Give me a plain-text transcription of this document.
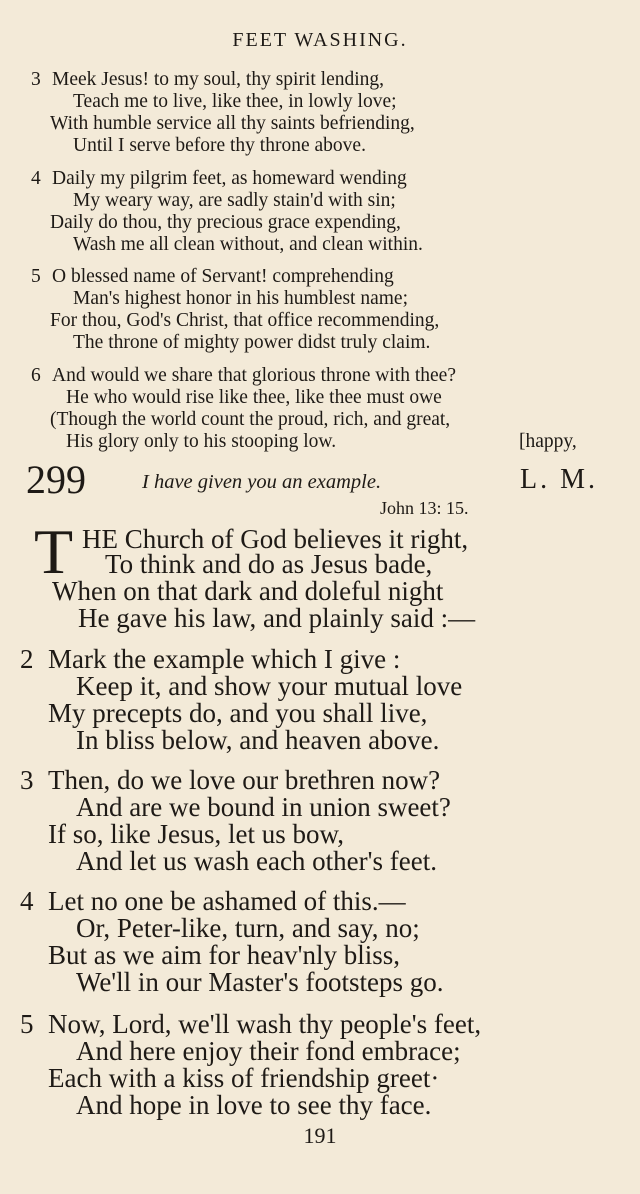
FEET WASHING.
3 Meek Jesus! to my soul, thy spirit lending,
Teach me to live, like thee, in lowly love;
With humble service all thy saints befriending,
Until I serve before thy throne above.
4 Daily my pilgrim feet, as homeward wending
My weary way, are sadly stain'd with sin;
Daily do thou, thy precious grace expending,
Wash me all clean without, and clean within.
5 O blessed name of Servant! comprehending
Man's highest honor in his humblest name;
For thou, God's Christ, that office recommending,
The throne of mighty power didst truly claim.
6 And would we share that glorious throne with thee?
He who would rise like thee, like thee must owe
(Though the world count the proud, rich, and great,
His glory only to his stooping low.	[happy,
299	I have given you an example.	L. M.
John 13: 15.
T HE Church of God believes it right,
To think and do as Jesus bade,
When on that dark and doleful night
He gave his law, and plainly said :—
2 Mark the example which I give :
Keep it, and show your mutual love
My precepts do, and you shall live,
In bliss below, and heaven above.
3 Then, do we love our brethren now?
And are we bound in union sweet?
If so, like Jesus, let us bow,
And let us wash each other's feet.
4 Let no one be ashamed of this.—
Or, Peter-like, turn, and say, no;
But as we aim for heav'nly bliss,
We'll in our Master's footsteps go.
5 Now, Lord, we'll wash thy people's feet,
And here enjoy their fond embrace;
Each with a kiss of friendship greet·
And hope in love to see thy face.
191
